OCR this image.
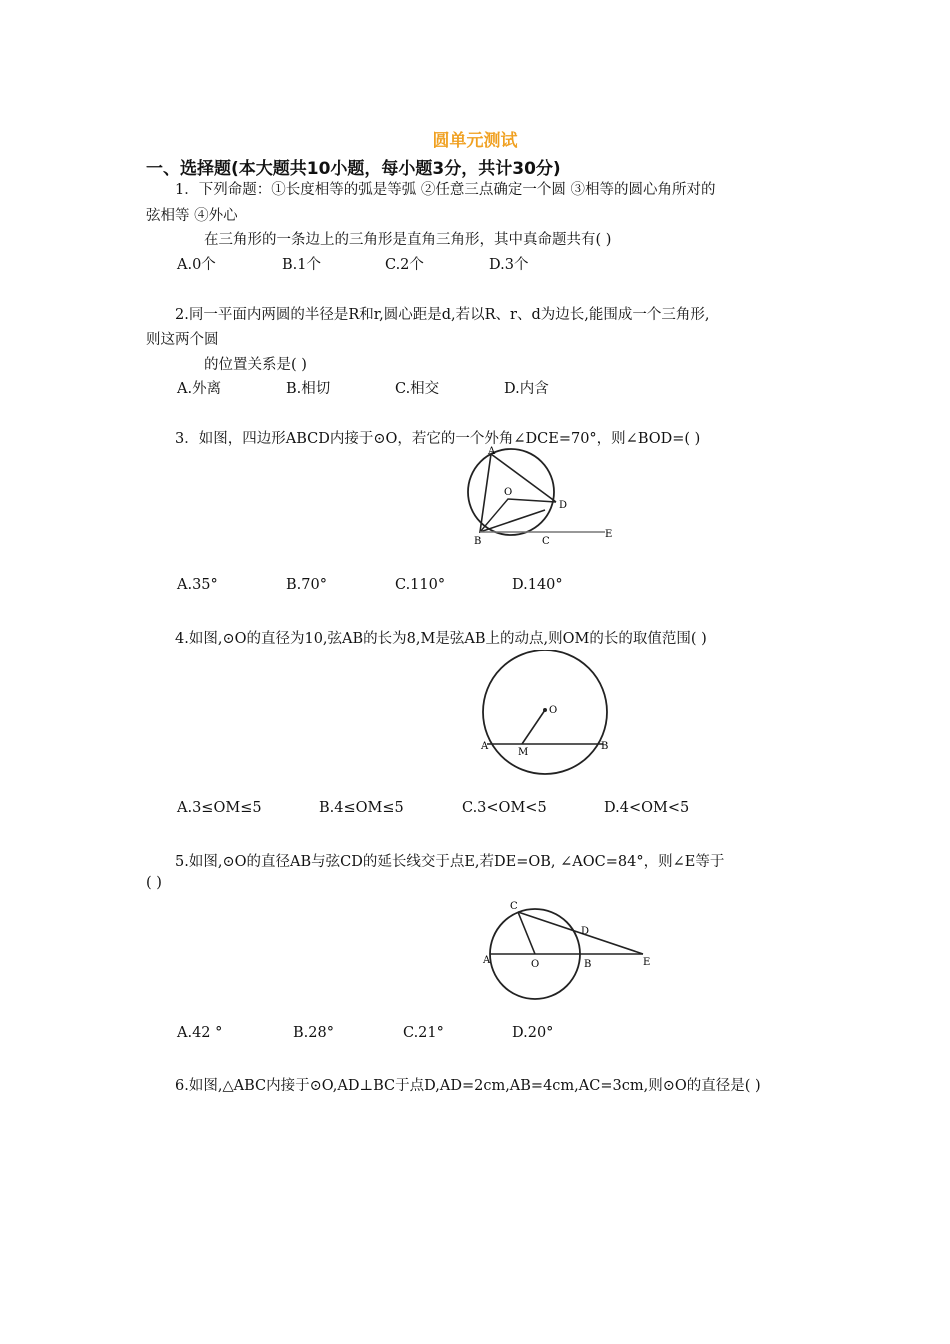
圆单元测试
一、选择题(本大题共10小题，每小题3分，共计30分)
1．下列命题：①长度相等的弧是等弧 ②任意三点确定一个圆 ③相等的圆心角所对的
弦相等 ④外心
在三角形的一条边上的三角形是直角三角形，其中真命题共有( )
A.0个	B.1个	C.2个	D.3个
2.同一平面内两圆的半径是R和r,圆心距是d,若以R、r、d为边长,能围成一个三角形,
则这两个圆
的位置关系是( )
A.外离	B.相切	C.相交	D.内含
3．如图，四边形ABCD内接于⊙O，若它的一个外角∠DCE=70°，则∠BOD=( )
A
O
D
B	C
E
A.35°	B.70°	C.110°	D.140°
4.如图,⊙O的直径为10,弦AB的长为8,M是弦AB上的动点,则OM的长的取值范围( )
O
A
M
B
A.3≤OM≤5	B.4≤OM≤5	C.3<OM<5	D.4<OM<5
5.如图,⊙O的直径AB与弦CD的延长线交于点E,若DE=OB, ∠AOC=84°，则∠E等于
( )
C
D
A	O	B	E
A.42 °	B.28°	C.21°	D.20°
6.如图,△ABC内接于⊙O,AD⊥BC于点D,AD=2cm,AB=4cm,AC=3cm,则⊙O的直径是( )
